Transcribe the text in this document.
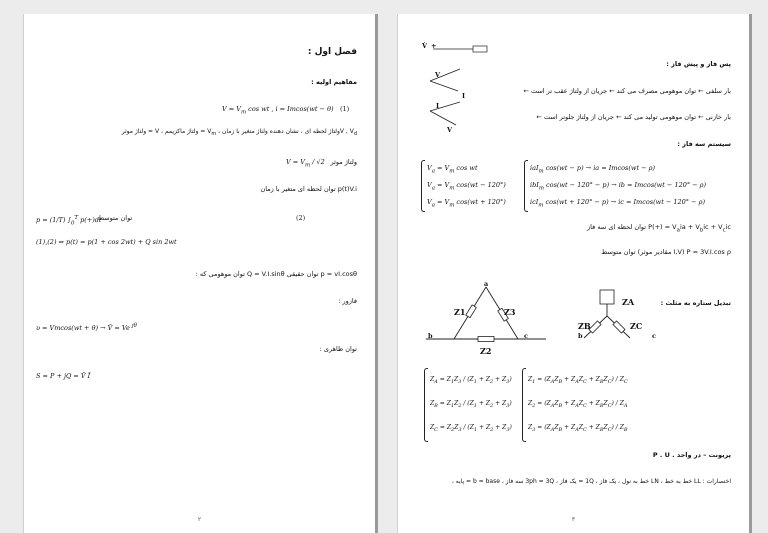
فصل اول :
مفاهیم اولیه :
$V = V_m$ cos wt , i = Imcos(wt − θ) (1)
V , $V_dولتاژ$ لحظه ای ، نشان دهنده ولتاژ متغیر با زمان ، $V_m$ = ولتاژ ماکزیمم ، V = ولتاژ موثر
ولتاژ موثر
$V = V_m / √2$
p(t)V.i توان لحظه ای متغیر با زمان
p = (1/T) $\int_0^T$ p(+)dt
توان متوسط	(2)
(1),(2) ⇒ p(t) = p(1 + cos 2wt) + Q sin 2wt
p = vI.cosθ توان حقیقی Q = V.I.sinθ توان موهومی که :
فازور :
υ = Vmcos(wt + θ) → V̄ = Ve $^{j\theta}$
توان ظاهری :
S = P + jQ = V̄ Ī
۲
V̇ +
V
I
I
V
پس فاز و پیش فاز :
بار سلفی ← توان موهومی مصرف می کند ← جریان از ولتاژ عقب تر است ←
بار خازنی ← توان موهومی تولید می کند ← جریان از ولتاژ جلوتر است ←
سیستم سه فاز :
$V_a = V_m$ cos wt
$V_a = V_m$ cos(wt − 120°)
$V_a = V_m$ cos(wt + 120°)
iaI$_m$ cos(wt − p) → ia = Imcos(wt − ρ)
ibI$_m$ cos(wt − 120° − p) → ib = Imcos(wt − 120° − ρ)
icI$_m$ cos(wt + 120° − p) → ic = Imcos(wt − 120° − ρ)
$P(+) = V_aia + V_bic + V_cic$ توان لحظه ای سه فاز
P = 3V.I.cos ρ (I,V مقادیر موثر) توان متوسط
تبدیل ستاره به مثلث :
a
b	c
Z1	Z3
Z2
ZA
ZB	ZC
b	c
$Z_A = Z_1Z_3 / (Z_1 + Z_2 + Z_3)$
$Z_B = Z_1Z_2 / (Z_1 + Z_2 + Z_3)$
$Z_C = Z_2Z_3 / (Z_1 + Z_2 + Z_3)$
$Z_1 = (Z_AZ_B + Z_AZ_C + Z_BZ_C) / Z_C$
$Z_2 = (Z_AZ_B + Z_AZ_C + Z_BZ_C) / Z_A$
$Z_3 = (Z_AZ_B + Z_AZ_C + Z_BZ_C) / Z_B$
پریونت – در واحد . P . U
اختصارات : LL خط به خط ، LN خط به نول ، یک فاز ، 1Q = یک فاز ، 3ph = 3Q سه فاز ، b = base = پایه ،
۳
